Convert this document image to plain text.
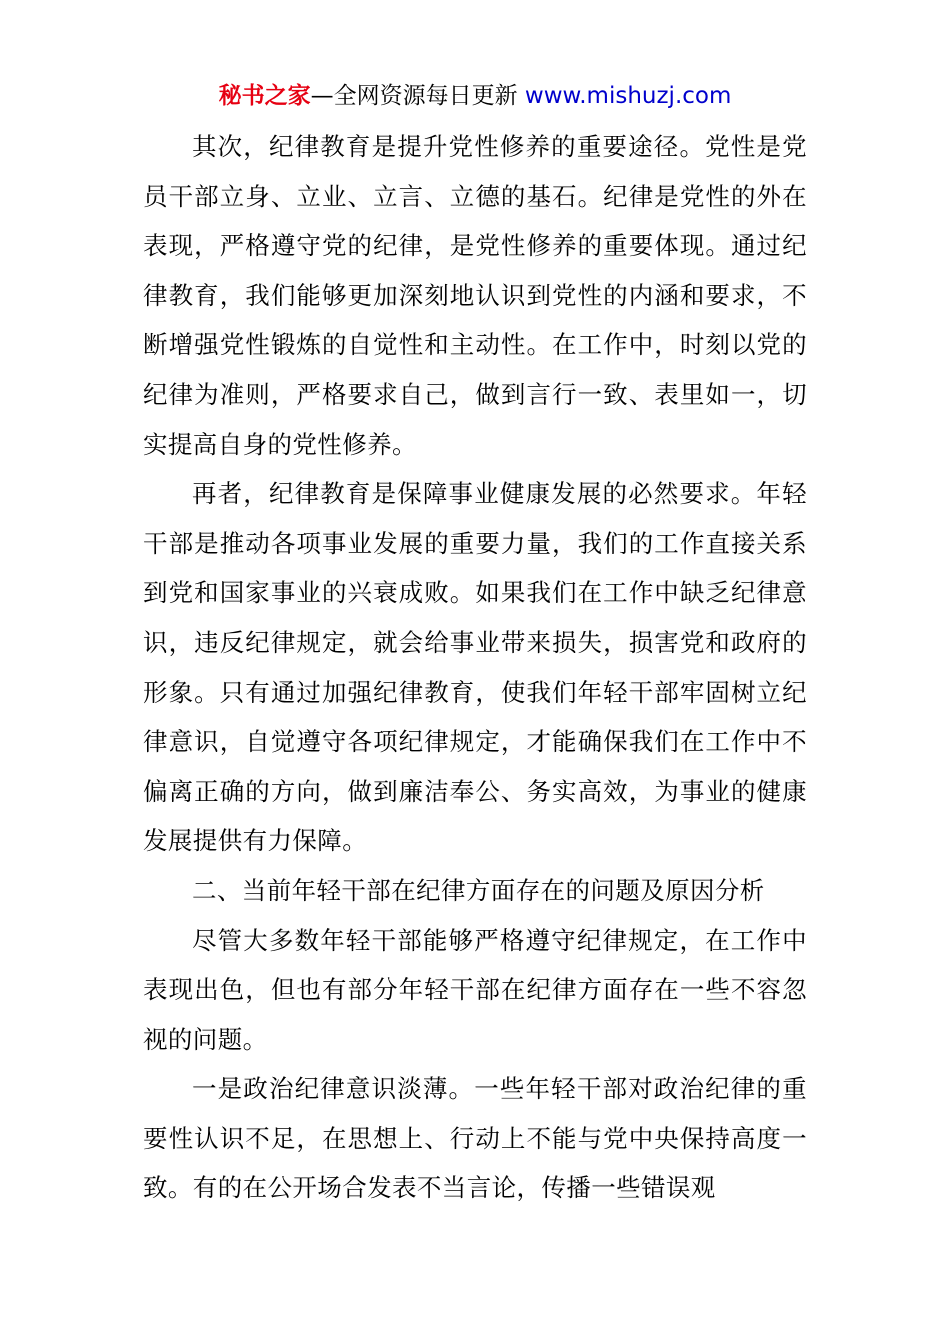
秘书之家—全网资源每日更新 www.mishuzj.com

其次，纪律教育是提升党性修养的重要途径。党性是党员干部立身、立业、立言、立德的基石。纪律是党性的外在表现，严格遵守党的纪律，是党性修养的重要体现。通过纪律教育，我们能够更加深刻地认识到党性的内涵和要求，不断增强党性锻炼的自觉性和主动性。在工作中，时刻以党的纪律为准则，严格要求自己，做到言行一致、表里如一，切实提高自身的党性修养。

再者，纪律教育是保障事业健康发展的必然要求。年轻干部是推动各项事业发展的重要力量，我们的工作直接关系到党和国家事业的兴衰成败。如果我们在工作中缺乏纪律意识，违反纪律规定，就会给事业带来损失，损害党和政府的形象。只有通过加强纪律教育，使我们年轻干部牢固树立纪律意识，自觉遵守各项纪律规定，才能确保我们在工作中不偏离正确的方向，做到廉洁奉公、务实高效，为事业的健康发展提供有力保障。

二、当前年轻干部在纪律方面存在的问题及原因分析

尽管大多数年轻干部能够严格遵守纪律规定，在工作中表现出色，但也有部分年轻干部在纪律方面存在一些不容忽视的问题。

一是政治纪律意识淡薄。一些年轻干部对政治纪律的重要性认识不足，在思想上、行动上不能与党中央保持高度一致。有的在公开场合发表不当言论，传播一些错误观
